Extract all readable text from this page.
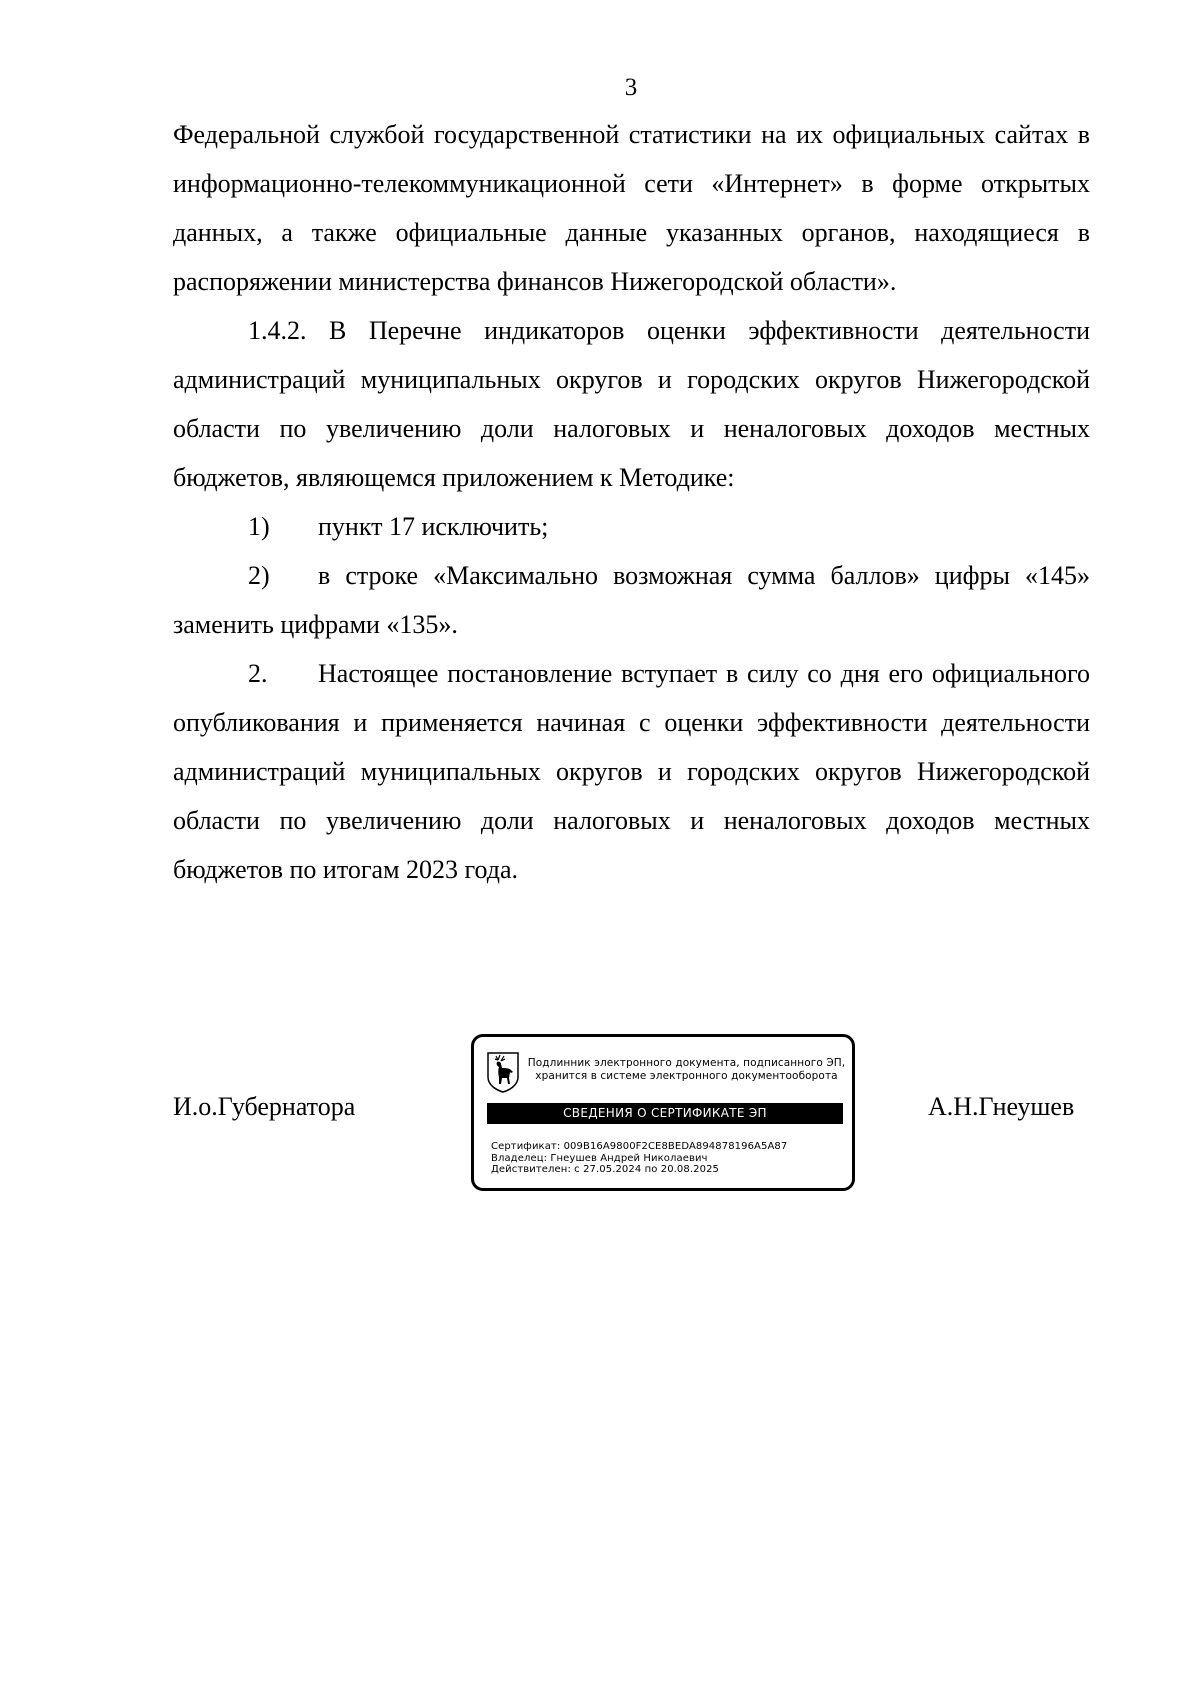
3

Федеральной службой государственной статистики на их официальных сайтах в информационно-телекоммуникационной сети «Интернет» в форме открытых данных, а также официальные данные указанных органов, находящиеся в распоряжении министерства финансов Нижегородской области».

1.4.2. В Перечне индикаторов оценки эффективности деятельности администраций муниципальных округов и городских округов Нижегородской области по увеличению доли налоговых и неналоговых доходов местных бюджетов, являющемся приложением к Методике:

1)	пункт 17 исключить;

2) в строке «Максимально возможная сумма баллов» цифры «145» заменить цифрами «135».

2. Настоящее постановление вступает в силу со дня его официального опубликования и применяется начиная с оценки эффективности деятельности администраций муниципальных округов и городских округов Нижегородской области по увеличению доли налоговых и неналоговых доходов местных бюджетов по итогам 2023 года.

И.о.Губернатора
Подлинник электронного документа, подписанного ЭП,
хранится в системе электронного документооборота
СВЕДЕНИЯ О СЕРТИФИКАТЕ ЭП
Сертификат: 009B16A9800F2CE8BEDA894878196A5A87
Владелец: Гнеушев Андрей Николаевич
Действителен: с 27.05.2024 по 20.08.2025
А.Н.Гнеушев
